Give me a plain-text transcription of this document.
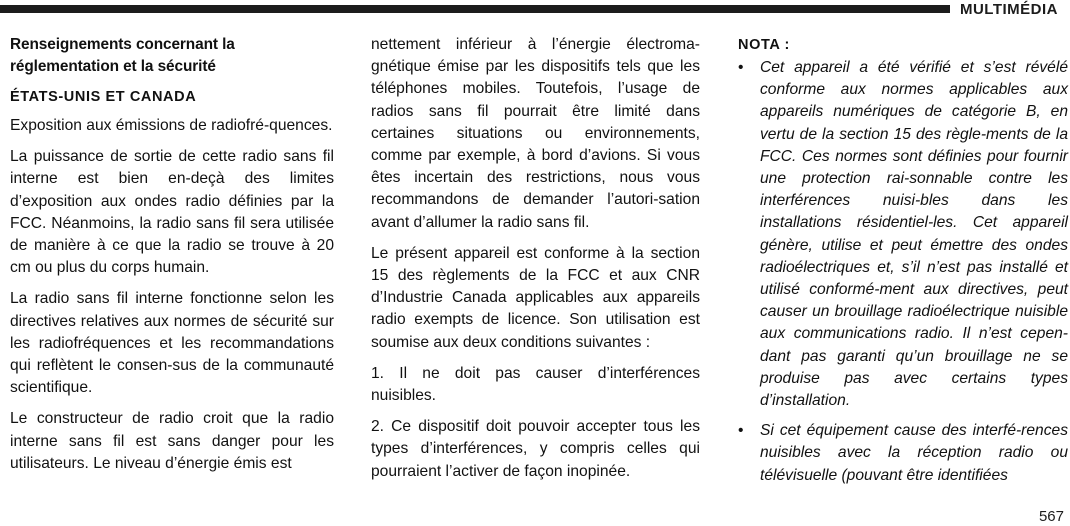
MULTIMÉDIA
Renseignements concernant la réglementation et la sécurité
ÉTATS-UNIS ET CANADA

Exposition aux émissions de radiofré-quences.

La puissance de sortie de cette radio sans fil interne est bien en-deçà des limites d’exposition aux ondes radio définies par la FCC. Néanmoins, la radio sans fil sera utilisée de manière à ce que la radio se trouve à 20 cm ou plus du corps humain.

La radio sans fil interne fonctionne selon les directives relatives aux normes de sécurité sur les radiofréquences et les recommandations qui reflètent le consen-sus de la communauté scientifique.

Le constructeur de radio croit que la radio interne sans fil est sans danger pour les utilisateurs. Le niveau d’énergie émis est

nettement inférieur à l’énergie électroma-gnétique émise par les dispositifs tels que les téléphones mobiles. Toutefois, l’usage de radios sans fil pourrait être limité dans certaines situations ou environnements, comme par exemple, à bord d’avions. Si vous êtes incertain des restrictions, nous vous recommandons de demander l’autori-sation avant d’allumer la radio sans fil.

Le présent appareil est conforme à la section 15 des règlements de la FCC et aux CNR d’Industrie Canada applicables aux appareils radio exempts de licence. Son utilisation est soumise aux deux conditions suivantes :

1. Il ne doit pas causer d’interférences nuisibles.

2. Ce dispositif doit pouvoir accepter tous les types d’interférences, y compris celles qui pourraient l’activer de façon inopinée.

NOTA :
•	Cet appareil a été vérifié et s’est révélé conforme aux normes applicables aux appareils numériques de catégorie B, en vertu de la section 15 des règle-ments de la FCC. Ces normes sont définies pour fournir une protection rai-sonnable contre les interférences nuisi-bles dans les installations résidentiel-les. Cet appareil génère, utilise et peut émettre des ondes radioélectriques et, s’il n’est pas installé et utilisé conformé-ment aux directives, peut causer un brouillage radioélectrique nuisible aux communications radio. Il n’est cepen-dant pas garanti qu’un brouillage ne se produise pas avec certains types d’installation.
•	Si cet équipement cause des interfé-rences nuisibles avec la réception radio ou télévisuelle (pouvant être identifiées
567
